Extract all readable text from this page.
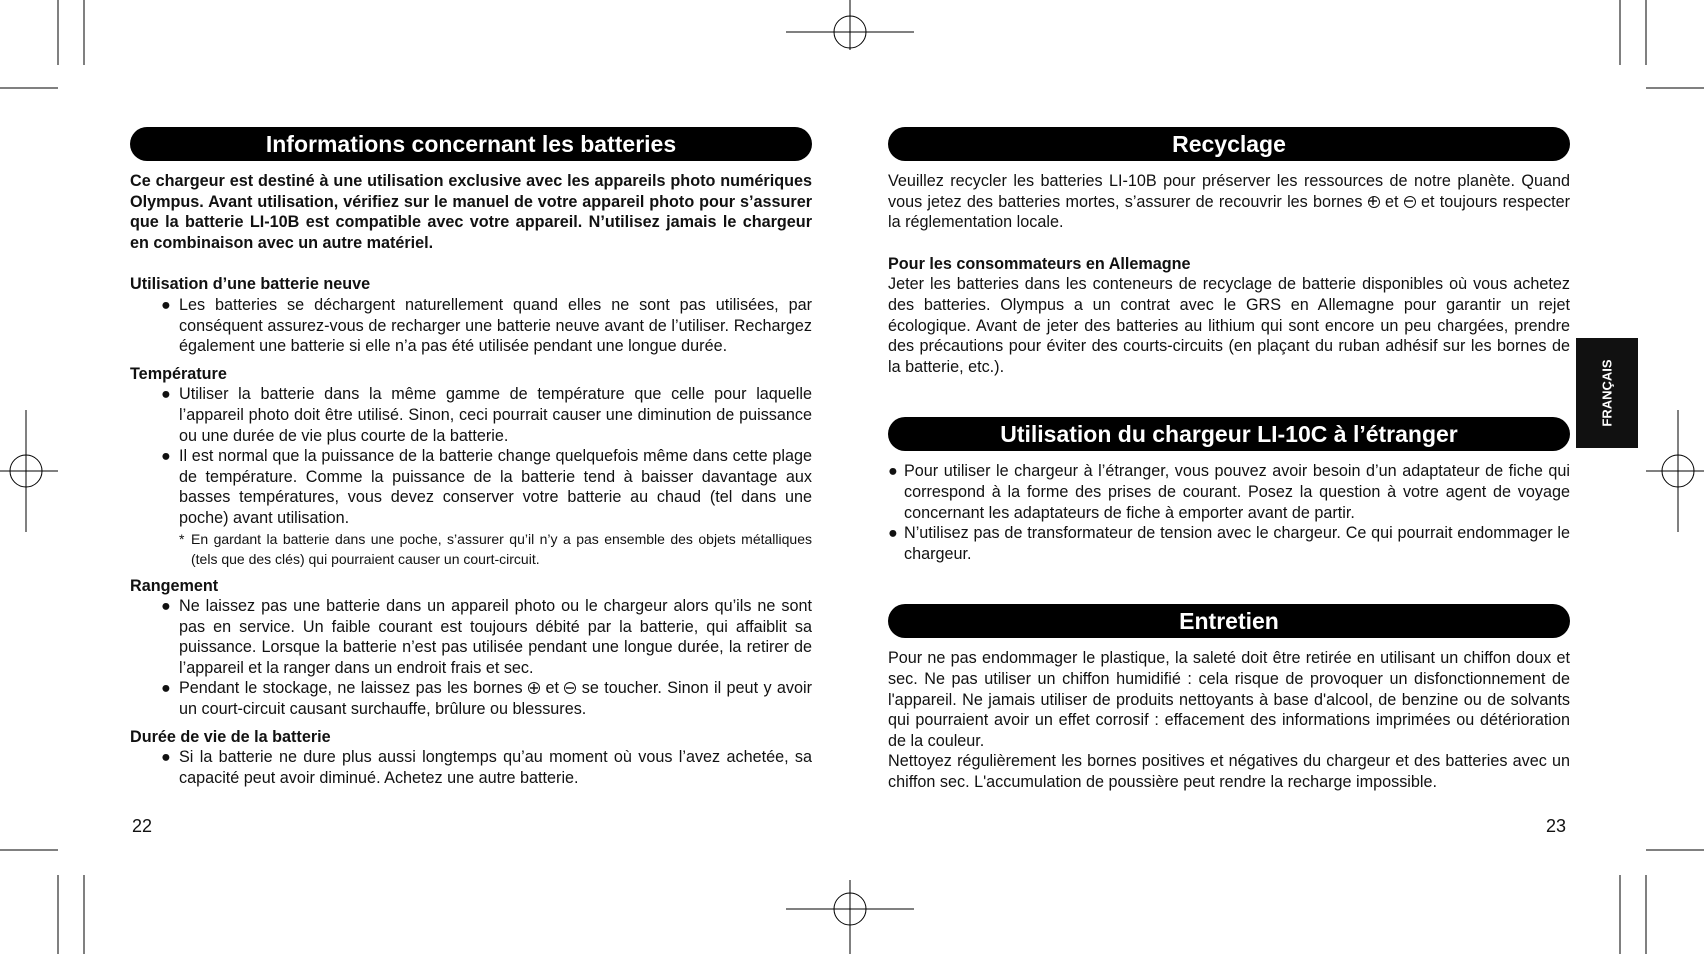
Informations concernant les batteries

Ce chargeur est destiné à une utilisation exclusive avec les appareils photo numériques Olympus. Avant utilisation, vérifiez sur le manuel de votre appareil photo pour s’assurer que la batterie LI-10B est compatible avec votre appareil. N’utilisez jamais le chargeur en combinaison avec un autre matériel.

Utilisation d’une batterie neuve
● Les batteries se déchargent naturellement quand elles ne sont pas utilisées, par conséquent assurez-vous de recharger une batterie neuve avant de l’utiliser. Rechargez également une batterie si elle n’a pas été utilisée pendant une longue durée.
Température
● Utiliser la batterie dans la même gamme de température que celle pour laquelle l’appareil photo doit être utilisé. Sinon, ceci pourrait causer une diminution de puissance ou une durée de vie plus courte de la batterie.
● Il est normal que la puissance de la batterie change quelquefois même dans cette plage de température. Comme la puissance de la batterie tend à baisser davantage aux basses températures, vous devez conserver votre batterie au chaud (tel dans une poche) avant utilisation.
* En gardant la batterie dans une poche, s’assurer qu’il n’y a pas ensemble des objets métalliques (tels que des clés) qui pourraient causer un court-circuit.
Rangement
● Ne laissez pas une batterie dans un appareil photo ou le chargeur alors qu’ils ne sont pas en service. Un faible courant est toujours débité par la batterie, qui affaiblit sa puissance. Lorsque la batterie n’est pas utilisée pendant une longue durée, la retirer de l’appareil et la ranger dans un endroit frais et sec.
● Pendant le stockage, ne laissez pas les bornes et se toucher. Sinon il peut y avoir un court-circuit causant surchauffe, brûlure ou blessures.
Durée de vie de la batterie
● Si la batterie ne dure plus aussi longtemps qu’au moment où vous l’avez achetée, sa capacité peut avoir diminué. Achetez une autre batterie.
22
Recyclage

Veuillez recycler les batteries LI-10B pour préserver les ressources de notre planète. Quand vous jetez des batteries mortes, s’assurer de recouvrir les bornes et et toujours respecter la réglementation locale.

Pour les consommateurs en Allemagne

Jeter les batteries dans les conteneurs de recyclage de batterie disponibles où vous achetez des batteries. Olympus a un contrat avec le GRS en Allemagne pour garantir un rejet écologique. Avant de jeter des batteries au lithium qui sont encore un peu chargées, prendre des précautions pour éviter des courts-circuits (en plaçant du ruban adhésif sur les bornes de la batterie, etc.).

Utilisation du chargeur LI-10C à l’étranger
● Pour utiliser le chargeur à l’étranger, vous pouvez avoir besoin d’un adaptateur de fiche qui correspond à la forme des prises de courant. Posez la question à votre agent de voyage concernant les adaptateurs de fiche à emporter avant de partir.
● N’utilisez pas de transformateur de tension avec le chargeur. Ce qui pourrait endommager le chargeur.
Entretien

Pour ne pas endommager le plastique, la saleté doit être retirée en utilisant un chiffon doux et sec. Ne pas utiliser un chiffon humidifié : cela risque de provoquer un disfonctionnement de l'appareil. Ne jamais utiliser de produits nettoyants à base d'alcool, de benzine ou de solvants qui pourraient avoir un effet corrosif : effacement des informations imprimées ou détérioration de la couleur.

Nettoyez régulièrement les bornes positives et négatives du chargeur et des batteries avec un chiffon sec. L'accumulation de poussière peut rendre la recharge impossible.

23
FRANÇAIS
